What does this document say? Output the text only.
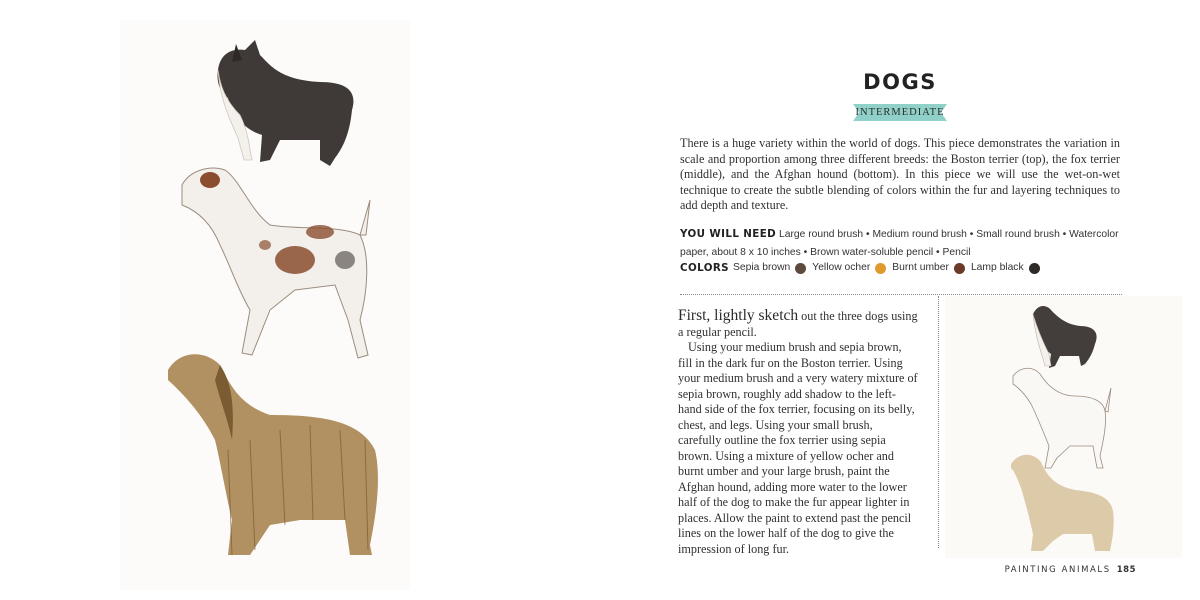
DOGS
INTERMEDIATE
There is a huge variety within the world of dogs. This piece demonstrates the variation in scale and proportion among three different breeds: the Boston terrier (top), the fox terrier (middle), and the Afghan hound (bottom). In this piece we will use the wet-on-wet technique to create the subtle blending of colors within the fur and layering techniques to add depth and texture.
YOU WILL NEED Large round brush • Medium round brush • Small round brush • Watercolor paper, about 8 x 10 inches • Brown water-soluble pencil • Pencil
COLORS Sepia brown Yellow ocher Burnt umber Lamp black
First, lightly sketch out the three dogs using a regular pencil.
Using your medium brush and sepia brown, fill in the dark fur on the Boston terrier. Using your medium brush and a very watery mixture of sepia brown, roughly add shadow to the left-hand side of the fox terrier, focusing on its belly, chest, and legs. Using your small brush, carefully outline the fox terrier using sepia brown. Using a mixture of yellow ocher and burnt umber and your large brush, paint the Afghan hound, adding more water to the lower half of the dog to make the fur appear lighter in places. Allow the paint to extend past the pencil lines on the lower half of the dog to give the impression of long fur.
PAINTING ANIMALS 185
